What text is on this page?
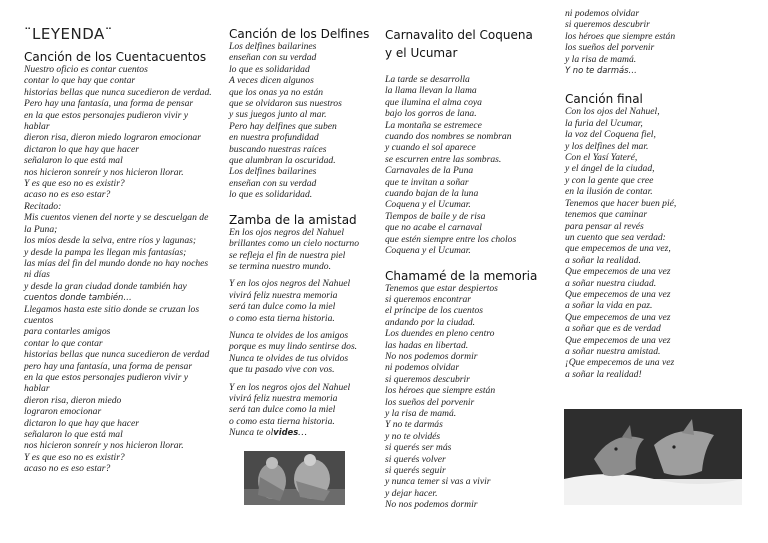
¨LEYENDA¨
Canción de los Cuentacuentos
Nuestro oficio es contar cuentos
contar lo que hay que contar
historias bellas que nunca sucedieron de verdad.
Pero hay una fantasía, una forma de pensar
en la que estos personajes pudieron vivir y
hablar
dieron risa, dieron miedo lograron emocionar
dictaron lo que hay que hacer
señalaron lo que está mal
nos hicieron sonreír y nos hicieron llorar.
Y es que eso no es existir?
acaso no es eso estar?
Recitado:
Mis cuentos vienen del norte y se descuelgan de
la Puna;
los míos desde la selva, entre ríos y lagunas;
y desde la pampa les llegan mis fantasías;
las mías del fin del mundo donde no hay noches
ni días
y desde la gran ciudad donde también hay
cuentos donde también…
Llegamos hasta este sitio donde se cruzan los
cuentos
para contarles amigos
contar lo que contar
historias bellas que nunca sucedieron de verdad
pero hay una fantasía, una forma de pensar
en la que estos personajes pudieron vivir y
hablar
dieron risa, dieron miedo
lograron emocionar
dictaron lo que hay que hacer
señalaron lo que está mal
nos hicieron sonreír y nos hicieron llorar.
Y es que eso no es existir?
acaso no es eso estar?
Canción de los Delfines
Los delfines bailarines
enseñan con su verdad
lo que es solidaridad
A veces dicen algunos
que los onas ya no están
que se olvidaron sus nuestros
y sus juegos junto al mar.
Pero hay delfines que suben
en nuestra profundidad
buscando nuestras raíces
que alumbran la oscuridad.
Los delfines bailarines
enseñan con su verdad
lo que es solidaridad.
Zamba de la amistad
En los ojos negros del Nahuel
brillantes como un cielo nocturno
se refleja el fin de nuestra piel
se termina nuestro mundo.
Y en los ojos negros del Nahuel
vivirá feliz nuestra memoria
será tan dulce como la miel
o como esta tierna historia.
Nunca te olvides de los amigos
porque es muy lindo sentirse dos.
Nunca te olvides de tus olvidos
que tu pasado vive con vos.
Y en los negros ojos del Nahuel
vivirá feliz nuestra memoria
será tan dulce como la miel
o como esta tierna historia.
Nunca te olvides…
Carnavalito del Coquena
y el Ucumar
La tarde se desarrolla
la llama llevan la llama
que ilumina el alma coya
bajo los gorros de lana.
La montaña se estremece
cuando dos nombres se nombran
y cuando el sol aparece
se escurren entre las sombras.
Carnavales de la Puna
que te invitan a soñar
cuando bajan de la luna
Coquena y el Ucumar.
Tiempos de baile y de risa
que no acabe el carnaval
que estén siempre entre los cholos
Coquena y el Ucumar.
Chamamé de la memoria
Tenemos que estar despiertos
si queremos encontrar
el príncipe de los cuentos
andando por la ciudad.
Los duendes en pleno centro
las hadas en libertad.
No nos podemos dormir
ni podemos olvidar
si queremos descubrir
los héroes que siempre están
los sueños del porvenir
y la risa de mamá.
Y no te darmás
y no te olvidés
si querés ser más
si querés volver
si querés seguir
y nunca temer si vas a vivir
y dejar hacer.
No nos podemos dormir
ni podemos olvidar
si queremos descubrir
los héroes que siempre están
los sueños del porvenir
y la risa de mamá.
Y no te darmás…
Canción final
Con los ojos del Nahuel,
la furia del Ucumar,
la voz del Coquena fiel,
y los delfines del mar.
Con el Yasí Yateré,
y el ángel de la ciudad,
y con la gente que cree
en la ilusión de contar.
Tenemos que hacer buen pié,
tenemos que caminar
para pensar al revés
un cuento que sea verdad:
que empecemos de una vez,
a soñar la realidad.
Que empecemos de una vez
a soñar nuestra ciudad.
Que empecemos de una vez
a soñar la vida en paz.
Que empecemos de una vez
a soñar que es de verdad
Que empecemos de una vez
a soñar nuestra amistad.
¡Que empecemos de una vez
a soñar la realidad!
